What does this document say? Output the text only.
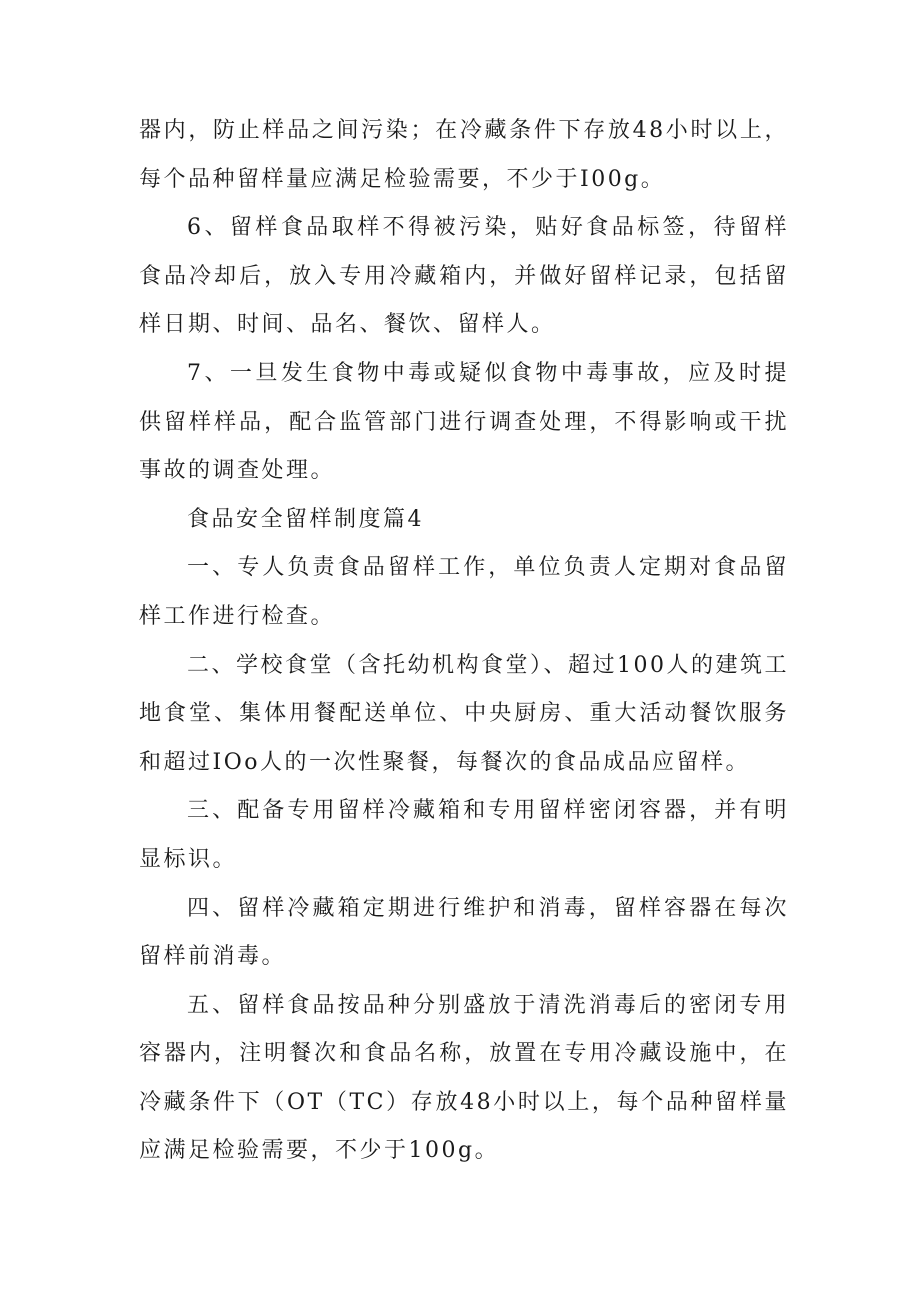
器内，防止样品之间污染；在冷藏条件下存放48小时以上，每个品种留样量应满足检验需要，不少于I00g。

6、留样食品取样不得被污染，贴好食品标签，待留样食品冷却后，放入专用冷藏箱内，并做好留样记录，包括留样日期、时间、品名、餐饮、留样人。

7、一旦发生食物中毒或疑似食物中毒事故，应及时提供留样样品，配合监管部门进行调查处理，不得影响或干扰事故的调查处理。

食品安全留样制度篇4

一、专人负责食品留样工作，单位负责人定期对食品留样工作进行检查。

二、学校食堂（含托幼机构食堂）、超过100人的建筑工地食堂、集体用餐配送单位、中央厨房、重大活动餐饮服务和超过IOo人的一次性聚餐，每餐次的食品成品应留样。

三、配备专用留样冷藏箱和专用留样密闭容器，并有明显标识。

四、留样冷藏箱定期进行维护和消毒，留样容器在每次留样前消毒。

五、留样食品按品种分别盛放于清洗消毒后的密闭专用容器内，注明餐次和食品名称，放置在专用冷藏设施中，在冷藏条件下（OT（TC）存放48小时以上，每个品种留样量应满足检验需要，不少于100g。
